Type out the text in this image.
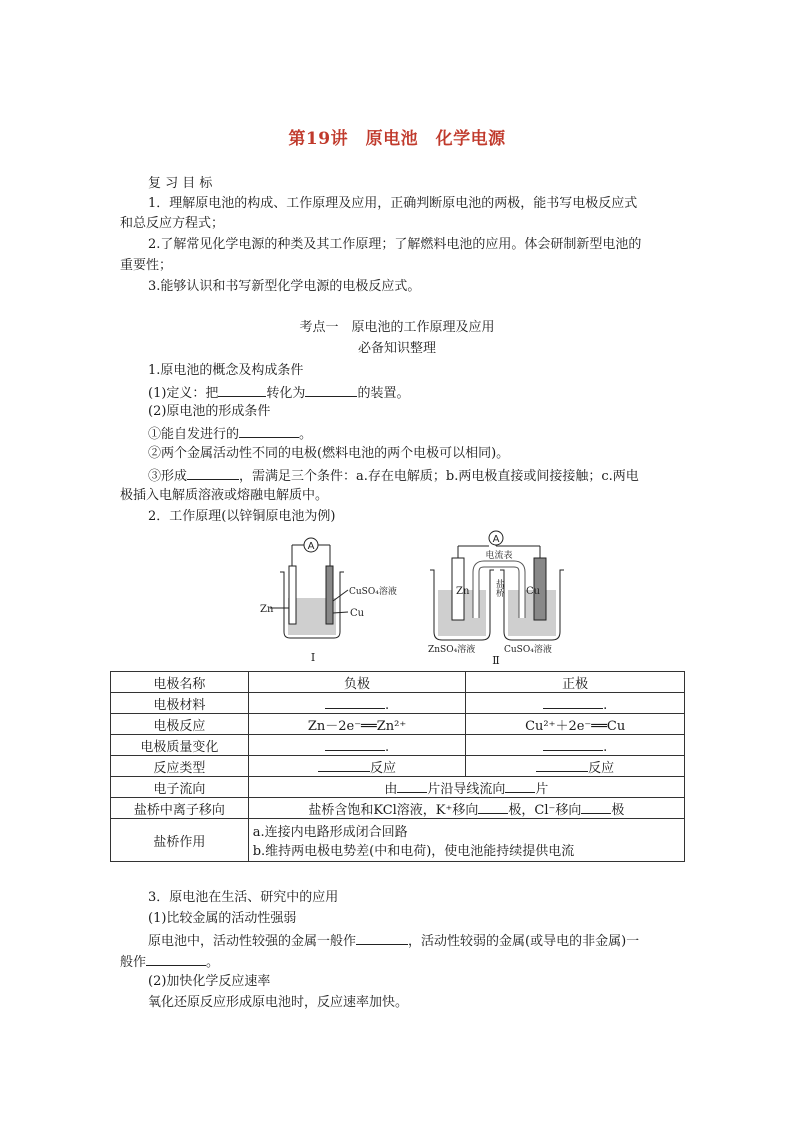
第19讲　原电池　化学电源
复 习 目 标
1．理解原电池的构成、工作原理及应用，正确判断原电池的两极，能书写电极反应式
和总反应方程式；
2.了解常见化学电源的种类及其工作原理；了解燃料电池的应用。体会研制新型电池的
重要性；
3.能够认识和书写新型化学电源的电极反应式。
考点一　原电池的工作原理及应用
必备知识整理
1.原电池的概念及构成条件
(1)定义：把	转化为	的装置。
(2)原电池的形成条件
①能自发进行的	。
②两个金属活动性不同的电极(燃料电池的两个电极可以相同)。
③形成	，需满足三个条件：a.存在电解质；b.两电极直接或间接接触；c.两电
极插入电解质溶液或熔融电解质中。
2．工作原理(以锌铜原电池为例)
A
Zn
CuSO₄溶液
Cu
Ⅰ
A
电流表
Zn	Cu
盐桥
ZnSO₄溶液	CuSO₄溶液
Ⅱ
电极名称	负极	正极
电极材料	.	.
电极反应	Zn－2e⁻══Zn²⁺	Cu²⁺＋2e⁻══Cu
电极质量变化	.	.
反应类型	反应	反应
电子流向	由 片沿导线流向 片	
盐桥中离子移向	盐桥含饱和KCl溶液，K⁺移向 极，Cl⁻移向 极	
盐桥作用	a.连接内电路形成闭合回路
b.维持两电极电势差(中和电荷)，使电池能持续提供电流	
3．原电池在生活、研究中的应用
(1)比较金属的活动性强弱
原电池中，活动性较强的金属一般作	，活动性较弱的金属(或导电的非金属)一
般作	。
(2)加快化学反应速率
氧化还原反应形成原电池时，反应速率加快。
